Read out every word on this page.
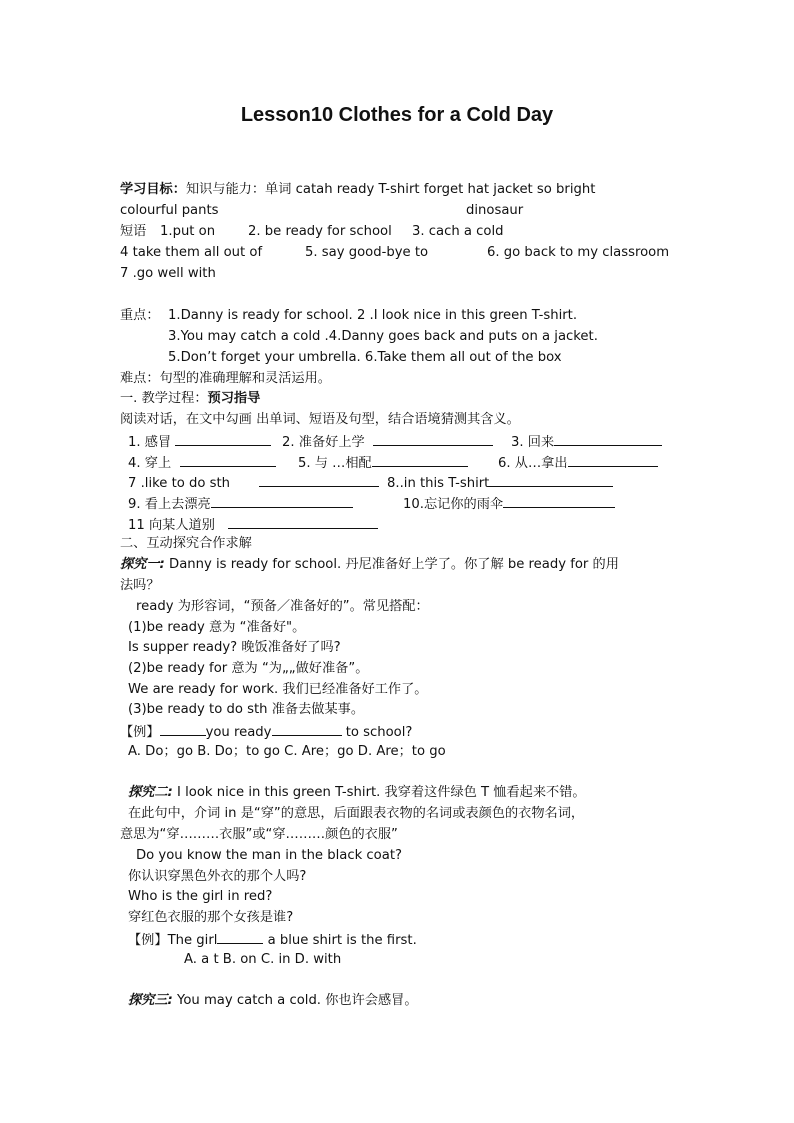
Lesson10 Clothes for a Cold Day
学习目标：知识与能力：单词 catah ready T-shirt forget hat jacket so bright
colourful pants	dinosaur
短语 1.put on 2. be ready for school 3. cach a cold
4 take them all out of	5. say good-bye to	6. go back to my classroom
7 .go well with
重点： 1.Danny is ready for school. 2 .I look nice in this green T-shirt.
3.You may catch a cold .4.Danny goes back and puts on a jacket.
5.Don’t forget your umbrella. 6.Take them all out of the box
难点：句型的准确理解和灵活运用。
一. 教学过程：预习指导
阅读对话，在文中勾画 出单词、短语及句型，结合语境猜测其含义。
1. 感冒	2. 准备好上学	3. 回来
4. 穿上	5. 与 …相配	6. 从…拿出
7 .like to do sth	8..in this T-shirt
9. 看上去漂亮	10.忘记你的雨伞
11 向某人道别
二、互动探究合作求解
探究一: Danny is ready for school. 丹尼准备好上学了。你了解 be ready for 的用
法吗？
ready 为形容词，“预备／准备好的”。常见搭配：
(1)be ready 意为 “准备好"。
Is supper ready? 晚饭准备好了吗?
(2)be ready for 意为 “为„„做好准备”。
We are ready for work. 我们已经准备好工作了。
(3)be ready to do sth 准备去做某事。
【例】	you ready	to school?
A. Do；go B. Do；to go C. Are；go D. Are；to go
探究二: I look nice in this green T-shirt. 我穿着这件绿色 T 恤看起来不错。
在此句中，介词 in 是“穿”的意思，后面跟表衣物的名词或表颜色的衣物名词，
意思为“穿………衣服”或“穿………颜色的衣服”
Do you know the man in the black coat?
你认识穿黑色外衣的那个人吗?
Who is the girl in red?
穿红色衣服的那个女孩是谁?
【例】The girl	a blue shirt is the first.
A. a t B. on C. in D. with
探究三: You may catch a cold. 你也许会感冒。
